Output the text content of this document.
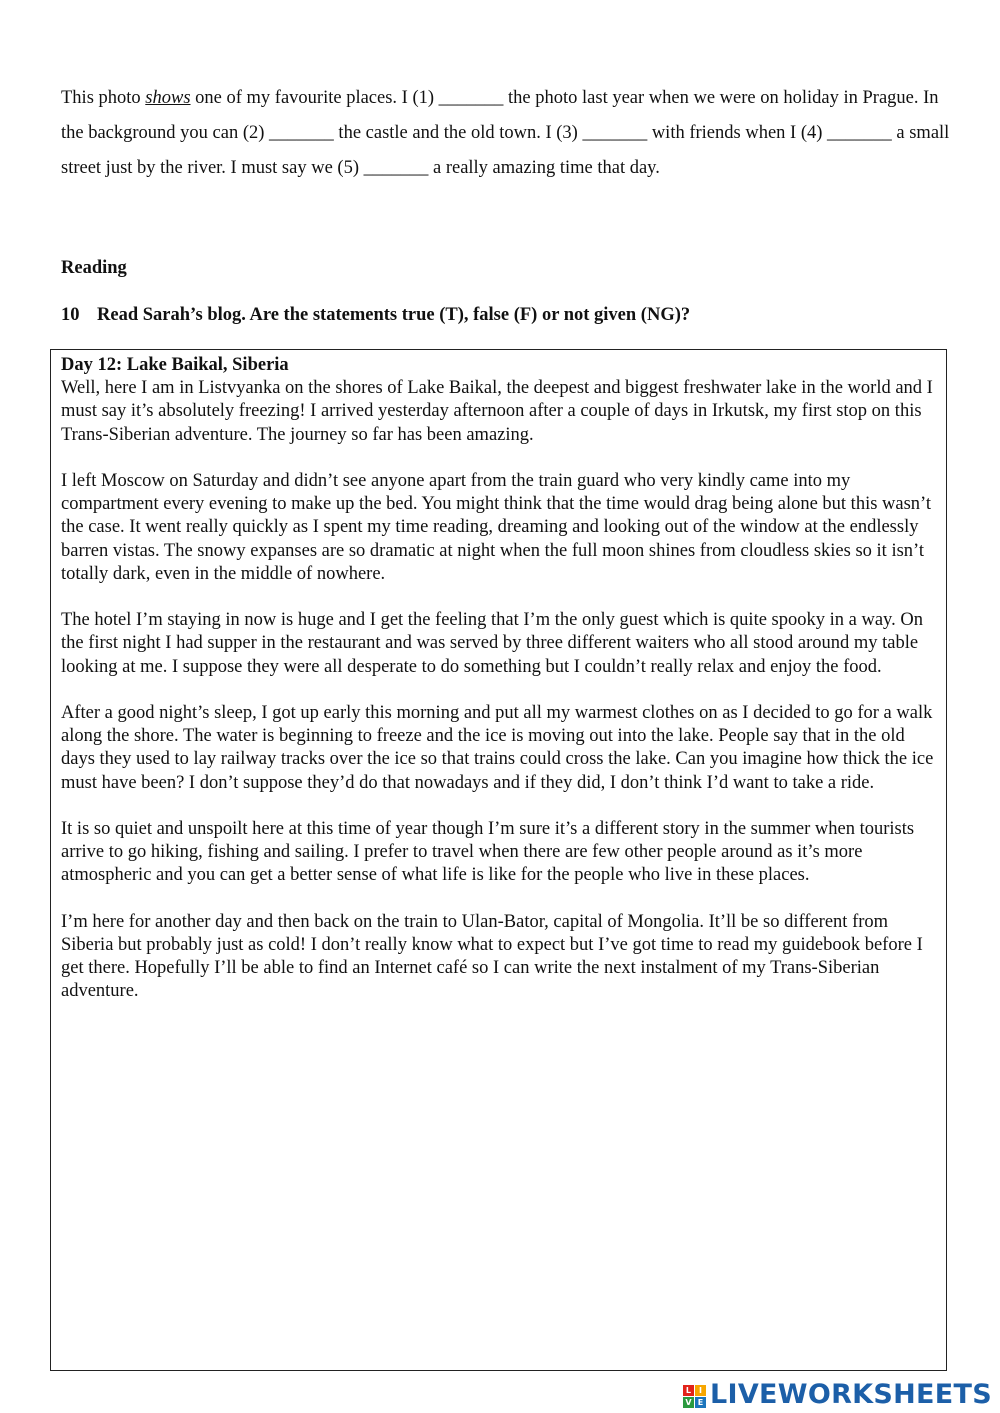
This photo shows one of my favourite places. I (1) _______ the photo last year when we were on holiday in Prague. In the background you can (2) _______ the castle and the old town. I (3) _______ with friends when I (4) _______ a small street just by the river. I must say we (5) _______ a really amazing time that day.

Reading
10 Read Sarah’s blog. Are the statements true (T), false (F) or not given (NG)?
Day 12: Lake Baikal, Siberia

Well, here I am in Listvyanka on the shores of Lake Baikal, the deepest and biggest freshwater lake in the world and I must say it’s absolutely freezing! I arrived yesterday afternoon after a couple of days in Irkutsk, my first stop on this Trans-Siberian adventure. The journey so far has been amazing.

I left Moscow on Saturday and didn’t see anyone apart from the train guard who very kindly came into my compartment every evening to make up the bed. You might think that the time would drag being alone but this wasn’t the case. It went really quickly as I spent my time reading, dreaming and looking out of the window at the endlessly barren vistas. The snowy expanses are so dramatic at night when the full moon shines from cloudless skies so it isn’t totally dark, even in the middle of nowhere.

The hotel I’m staying in now is huge and I get the feeling that I’m the only guest which is quite spooky in a way. On the first night I had supper in the restaurant and was served by three different waiters who all stood around my table looking at me. I suppose they were all desperate to do something but I couldn’t really relax and enjoy the food.

After a good night’s sleep, I got up early this morning and put all my warmest clothes on as I decided to go for a walk along the shore. The water is beginning to freeze and the ice is moving out into the lake. People say that in the old days they used to lay railway tracks over the ice so that trains could cross the lake. Can you imagine how thick the ice must have been? I don’t suppose they’d do that nowadays and if they did, I don’t think I’d want to take a ride.

It is so quiet and unspoilt here at this time of year though I’m sure it’s a different story in the summer when tourists arrive to go hiking, fishing and sailing. I prefer to travel when there are few other people around as it’s more atmospheric and you can get a better sense of what life is like for the people who live in these places.

I’m here for another day and then back on the train to Ulan-Bator, capital of Mongolia. It’ll be so different from Siberia but probably just as cold! I don’t really know what to expect but I’ve got time to read my guidebook before I get there. Hopefully I’ll be able to find an Internet café so I can write the next instalment of my Trans-Siberian adventure.

L I
V E LIVEWORKSHEETS
